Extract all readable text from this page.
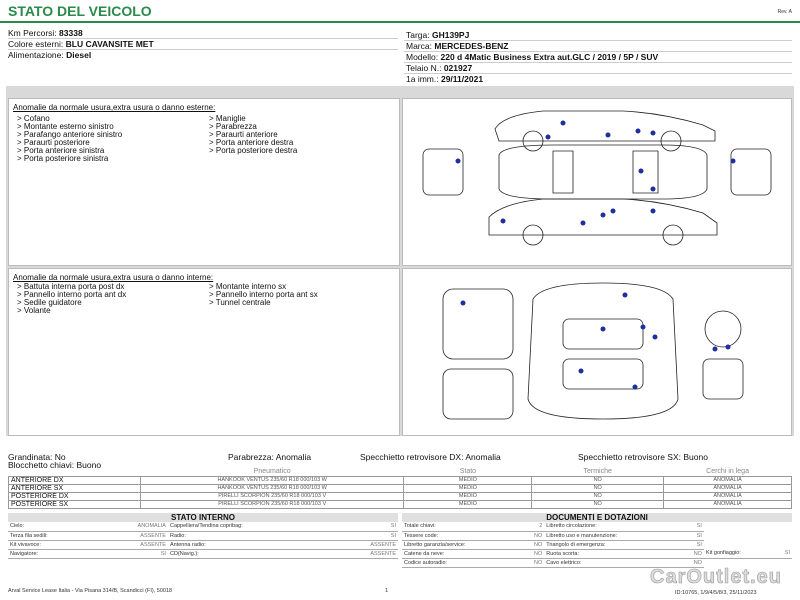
STATO DEL VEICOLO	Rev. A
Km Percorsi: 83338
Colore esterni: BLU CAVANSITE MET
Alimentazione: Diesel
Targa: GH139PJ
Marca: MERCEDES-BENZ
Modello: 220 d 4Matic Business Extra aut.GLC / 2019 / 5P / SUV
Telaio N.: 021927
1a imm.: 29/11/2021
Anomalie da normale usura,extra usura o danno esterne:
> Cofano
> Montante esterno sinistro
> Parafango anteriore sinistro
> Paraurti posteriore
> Porta anteriore sinistra
> Porta posteriore sinistra
> Maniglie
> Parabrezza
> Paraurti anteriore
> Porta anteriore destra
> Porta posteriore destra
Anomalie da normale usura,extra usura o danno interne:
> Battuta interna porta post dx
> Pannello interno porta ant dx
> Sedile guidatore
> Volante
> Montante interno sx
> Pannello interno porta ant sx
> Tunnel centrale
Grandinata: No	Parabrezza: Anomalia	Specchietto retrovisore DX: Anomalia	Specchietto retrovisore SX: Buono
Blocchetto chiavi: Buono
	Pneumatico	Stato	Termiche	Cerchi in lega
ANTERIORE DX	HANKOOK VENTUS 235/60 R18 000/103 W	MEDIO	NO	ANOMALIA
ANTERIORE SX	HANKOOK VENTUS 235/60 R18 000/103 W	MEDIO	NO	ANOMALIA
POSTERIORE DX	PIRELLI SCORPION 235/60 R18 000/103 V	MEDIO	NO	ANOMALIA
POSTERIORE SX	PIRELLI SCORPION 235/60 R18 000/103 V	MEDIO	NO	ANOMALIA
STATO INTERNO
Cielo:	ANOMALIA	Cappelliera/Tendina copribag:	SI
Terza fila sedili:	ASSENTE	Radio:	SI
Kit vivavoce:	ASSENTE	Antenna radio:	ASSENTE
Navigatore:	SI	CD(Navig.):	ASSENTE
DOCUMENTI E DOTAZIONI
Totale chiavi:	2	Libretto circolazione:	SI		
Tessere code:	NO	Libretto uso e manutenzione:	SI		
Libretto garanzia/service:	NO	Triangolo di emergenza:	SI		
Catene da neve:	NO	Ruota scorta:	NO	Kit gonfiaggio:	SI
Codice autoradio:	NO	Cavo elettrico:	NO		
Arval Service Lease Italia - Via Pisana 314/B, Scandicci (FI), 50018	1	ID:10765, 1/9/4/5/8/3, 25/11/2023
CarOutlet.eu
